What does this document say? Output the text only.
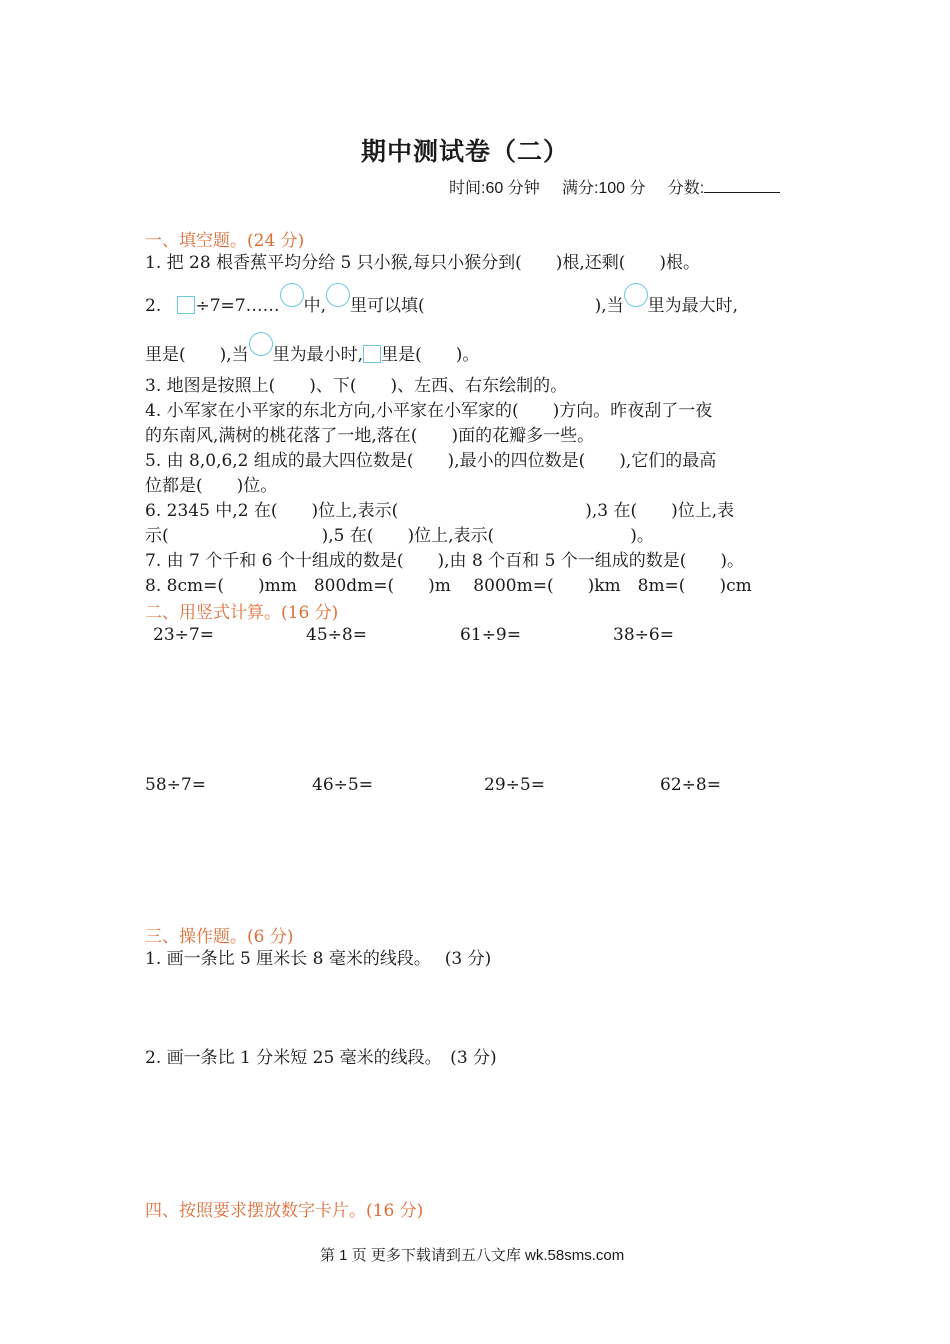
期中测试卷（二）
时间:60 分钟 满分:100 分 分数:
一、填空题。(24 分)
1. 把 28 根香蕉平均分给 5 只小猴,每只小猴分到(　　)根,还剩(　　)根。
2. ÷7=7…… 中, 里可以填(　　　　　　　　　　),当 里为最大时,
里是(　　),当 里为最小时, 里是(　　)。
3. 地图是按照上(　　)、下(　　)、左西、右东绘制的。
4. 小军家在小平家的东北方向,小平家在小军家的(　　)方向。昨夜刮了一夜
的东南风,满树的桃花落了一地,落在(　　)面的花瓣多一些。
5. 由 8,0,6,2 组成的最大四位数是(　　),最小的四位数是(　　),它们的最高
位都是(　　)位。
6. 2345 中,2 在(　　)位上,表示(　　　　　　　　　　　),3 在(　　)位上,表
示(　　　　　　　　　),5 在(　　)位上,表示(　　　　　　　　)。
7. 由 7 个千和 6 个十组成的数是(　　),由 8 个百和 5 个一组成的数是(　　)。
8. 8cm=(　　)mm　800dm=(　　)m　 8000m=(　　)km　8m=(　　)cm
二、用竖式计算。(16 分)
23÷7=	45÷8=	61÷9=	38÷6=
58÷7=	46÷5=	29÷5=	62÷8=
三、操作题。(6 分)
1. 画一条比 5 厘米长 8 毫米的线段。　 (3 分)
2. 画一条比 1 分米短 25 毫米的线段。　(3 分)
四、按照要求摆放数字卡片。(16 分)
第 1 页 更多下载请到五八文库 wk.58sms.com
